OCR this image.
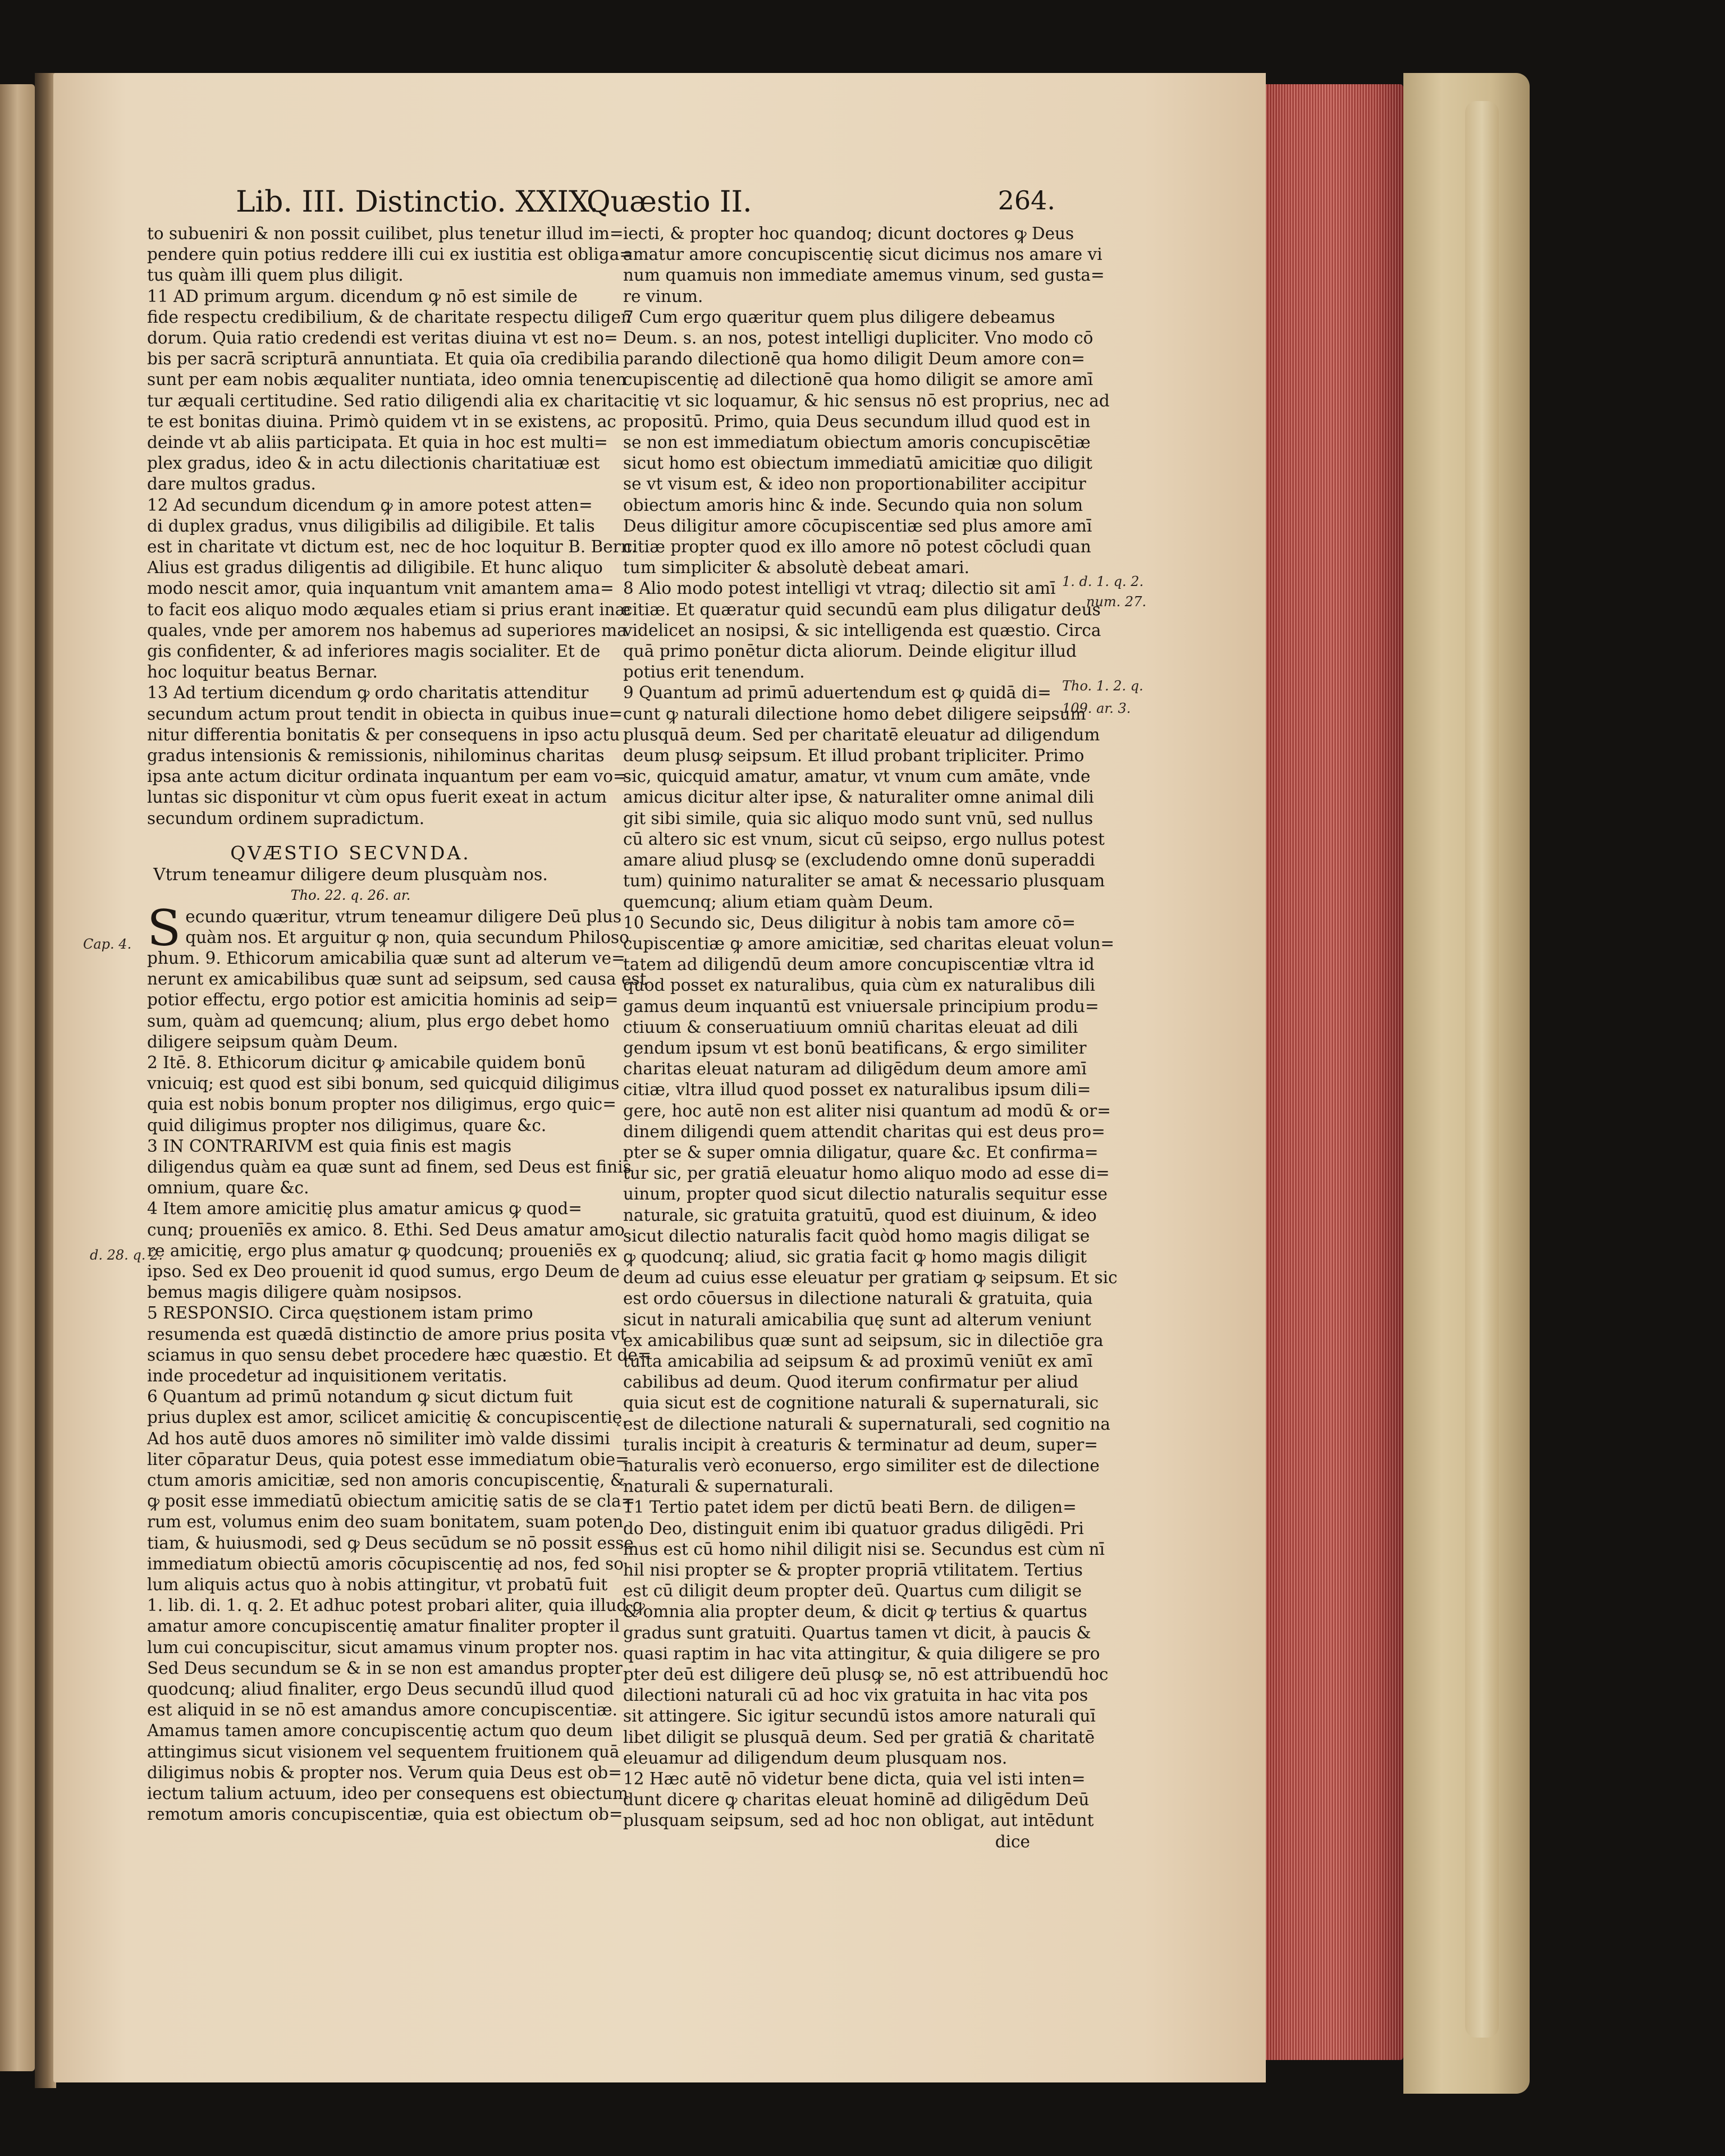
Lib. III. Distinctio. XXIX.
Quæstio II.	264.
to subueniri & non possit cuilibet, plus tenetur illud im=
pendere quin potius reddere illi cui ex iustitia est obliga=
tus quàm illi quem plus diligit.
11 AD primum argum. dicendum ꝙ nō est simile de
fide respectu credibilium, & de charitate respectu diligen
dorum. Quia ratio credendi est veritas diuina vt est no=
bis per sacrā scripturā annuntiata. Et quia oīa credibilia
sunt per eam nobis æqualiter nuntiata, ideo omnia tenen
tur æquali certitudine. Sed ratio diligendi alia ex charita
te est bonitas diuina. Primò quidem vt in se existens, ac
deinde vt ab aliis participata. Et quia in hoc est multi=
plex gradus, ideo & in actu dilectionis charitatiuæ est
dare multos gradus.
12 Ad secundum dicendum ꝙ in amore potest atten=
di duplex gradus, vnus diligibilis ad diligibile. Et talis
est in charitate vt dictum est, nec de hoc loquitur B. Bern.
Alius est gradus diligentis ad diligibile. Et hunc aliquo
modo nescit amor, quia inquantum vnit amantem ama=
to facit eos aliquo modo æquales etiam si prius erant inæ
quales, vnde per amorem nos habemus ad superiores ma
gis confidenter, & ad inferiores magis socialiter. Et de
hoc loquitur beatus Bernar.
13 Ad tertium dicendum ꝙ ordo charitatis attenditur
secundum actum prout tendit in obiecta in quibus inue=
nitur differentia bonitatis & per consequens in ipso actu
gradus intensionis & remissionis, nihilominus charitas
ipsa ante actum dicitur ordinata inquantum per eam vo=
luntas sic disponitur vt cùm opus fuerit exeat in actum
secundum ordinem supradictum.
QVÆSTIO SECVNDA.
Vtrum teneamur diligere deum plusquàm nos.
Tho. 22. q. 26. ar.
S ecundo quæritur, vtrum teneamur diligere Deū plus
quàm nos. Et arguitur ꝙ non, quia secundum Philoso
phum. 9. Ethicorum amicabilia quæ sunt ad alterum ve=
nerunt ex amicabilibus quæ sunt ad seipsum, sed causa est
potior effectu, ergo potior est amicitia hominis ad seip=
sum, quàm ad quemcunq; alium, plus ergo debet homo
diligere seipsum quàm Deum.
2 Itē. 8. Ethicorum dicitur ꝙ amicabile quidem bonū
vnicuiq; est quod est sibi bonum, sed quicquid diligimus
quia est nobis bonum propter nos diligimus, ergo quic=
quid diligimus propter nos diligimus, quare &c.
3 IN CONTRARIVM est quia finis est magis
diligendus quàm ea quæ sunt ad finem, sed Deus est finis
omnium, quare &c.
4 Item amore amicitię plus amatur amicus ꝙ quod=
cunq; prouenīēs ex amico. 8. Ethi. Sed Deus amatur amo
re amicitię, ergo plus amatur ꝙ quodcunq; proueniēs ex
ipso. Sed ex Deo prouenit id quod sumus, ergo Deum de
bemus magis diligere quàm nosipsos.
5 RESPONSIO. Circa quęstionem istam primo
resumenda est quædā distinctio de amore prius posita vt
sciamus in quo sensu debet procedere hæc quæstio. Et de=
inde procedetur ad inquisitionem veritatis.
6 Quantum ad primū notandum ꝙ sicut dictum fuit
prius duplex est amor, scilicet amicitię & concupiscentię.
Ad hos autē duos amores nō similiter imò valde dissimi
liter cōparatur Deus, quia potest esse immediatum obie=
ctum amoris amicitiæ, sed non amoris concupiscentię, &
ꝙ posit esse immediatū obiectum amicitię satis de se cla=
rum est, volumus enim deo suam bonitatem, suam poten
tiam, & huiusmodi, sed ꝙ Deus secūdum se nō possit esse
immediatum obiectū amoris cōcupiscentię ad nos, fed so
lum aliquis actus quo à nobis attingitur, vt probatū fuit
1. lib. di. 1. q. 2. Et adhuc potest probari aliter, quia illud ꝙ
amatur amore concupiscentię amatur finaliter propter il
lum cui concupiscitur, sicut amamus vinum propter nos.
Sed Deus secundum se & in se non est amandus propter
quodcunq; aliud finaliter, ergo Deus secundū illud quod
est aliquid in se nō est amandus amore concupiscentiæ.
Amamus tamen amore concupiscentię actum quo deum
attingimus sicut visionem vel sequentem fruitionem quā
diligimus nobis & propter nos. Verum quia Deus est ob=
iectum talium actuum, ideo per consequens est obiectum
remotum amoris concupiscentiæ, quia est obiectum ob=
iecti, & propter hoc quandoq; dicunt doctores ꝙ Deus
amatur amore concupiscentię sicut dicimus nos amare vi
num quamuis non immediate amemus vinum, sed gusta=
re vinum.
7 Cum ergo quæritur quem plus diligere debeamus
Deum. s. an nos, potest intelligi dupliciter. Vno modo cō
parando dilectionē qua homo diligit Deum amore con=
cupiscentię ad dilectionē qua homo diligit se amore amī
citię vt sic loquamur, & hic sensus nō est proprius, nec ad
propositū. Primo, quia Deus secundum illud quod est in
se non est immediatum obiectum amoris concupiscētiæ
sicut homo est obiectum immediatū amicitiæ quo diligit
se vt visum est, & ideo non proportionabiliter accipitur
obiectum amoris hinc & inde. Secundo quia non solum
Deus diligitur amore cōcupiscentiæ sed plus amore amī
citiæ propter quod ex illo amore nō potest cōcludi quan
tum simpliciter & absolutè debeat amari.
8 Alio modo potest intelligi vt vtraq; dilectio sit amī
citiæ. Et quæratur quid secundū eam plus diligatur deus
videlicet an nosipsi, & sic intelligenda est quæstio. Circa
quā primo ponētur dicta aliorum. Deinde eligitur illud
potius erit tenendum.
9 Quantum ad primū aduertendum est ꝙ quidā di=
cunt ꝙ naturali dilectione homo debet diligere seipsum
plusquā deum. Sed per charitatē eleuatur ad diligendum
deum plusꝙ seipsum. Et illud probant tripliciter. Primo
sic, quicquid amatur, amatur, vt vnum cum amāte, vnde
amicus dicitur alter ipse, & naturaliter omne animal dili
git sibi simile, quia sic aliquo modo sunt vnū, sed nullus
cū altero sic est vnum, sicut cū seipso, ergo nullus potest
amare aliud plusꝙ se (excludendo omne donū superaddi
tum) quinimo naturaliter se amat & necessario plusquam
quemcunq; alium etiam quàm Deum.
10 Secundo sic, Deus diligitur à nobis tam amore cō=
cupiscentiæ ꝙ amore amicitiæ, sed charitas eleuat volun=
tatem ad diligendū deum amore concupiscentiæ vltra id
quod posset ex naturalibus, quia cùm ex naturalibus dili
gamus deum inquantū est vniuersale principium produ=
ctiuum & conseruatiuum omniū charitas eleuat ad dili
gendum ipsum vt est bonū beatificans, & ergo similiter
charitas eleuat naturam ad diligēdum deum amore amī
citiæ, vltra illud quod posset ex naturalibus ipsum dili=
gere, hoc autē non est aliter nisi quantum ad modū & or=
dinem diligendi quem attendit charitas qui est deus pro=
pter se & super omnia diligatur, quare &c. Et confirma=
tur sic, per gratiā eleuatur homo aliquo modo ad esse di=
uinum, propter quod sicut dilectio naturalis sequitur esse
naturale, sic gratuita gratuitū, quod est diuinum, & ideo
sicut dilectio naturalis facit quòd homo magis diligat se
ꝙ quodcunq; aliud, sic gratia facit ꝙ homo magis diligit
deum ad cuius esse eleuatur per gratiam ꝙ seipsum. Et sic
est ordo cōuersus in dilectione naturali & gratuita, quia
sicut in naturali amicabilia quę sunt ad alterum veniunt
ex amicabilibus quæ sunt ad seipsum, sic in dilectiōe gra
tuita amicabilia ad seipsum & ad proximū veniūt ex amī
cabilibus ad deum. Quod iterum confirmatur per aliud
quia sicut est de cognitione naturali & supernaturali, sic
est de dilectione naturali & supernaturali, sed cognitio na
turalis incipit à creaturis & terminatur ad deum, super=
naturalis verò econuerso, ergo similiter est de dilectione
naturali & supernaturali.
11 Tertio patet idem per dictū beati Bern. de diligen=
do Deo, distinguit enim ibi quatuor gradus diligēdi. Pri
mus est cū homo nihil diligit nisi se. Secundus est cùm nī
hil nisi propter se & propter propriā vtilitatem. Tertius
est cū diligit deum propter deū. Quartus cum diligit se
& omnia alia propter deum, & dicit ꝙ tertius & quartus
gradus sunt gratuiti. Quartus tamen vt dicit, à paucis &
quasi raptim in hac vita attingitur, & quia diligere se pro
pter deū est diligere deū plusꝙ se, nō est attribuendū hoc
dilectioni naturali cū ad hoc vix gratuita in hac vita pos
sit attingere. Sic igitur secundū istos amore naturali quī
libet diligit se plusquā deum. Sed per gratiā & charitatē
eleuamur ad diligendum deum plusquam nos.
12 Hæc autē nō videtur bene dicta, quia vel isti inten=
dunt dicere ꝙ charitas eleuat hominē ad diligēdum Deū
plusquam seipsum, sed ad hoc non obligat, aut intēdunt
dice
Cap. 4.
d. 28. q. 2.
1. d. 1. q. 2.
num. 27.
Tho. 1. 2. q.
109. ar. 3.
